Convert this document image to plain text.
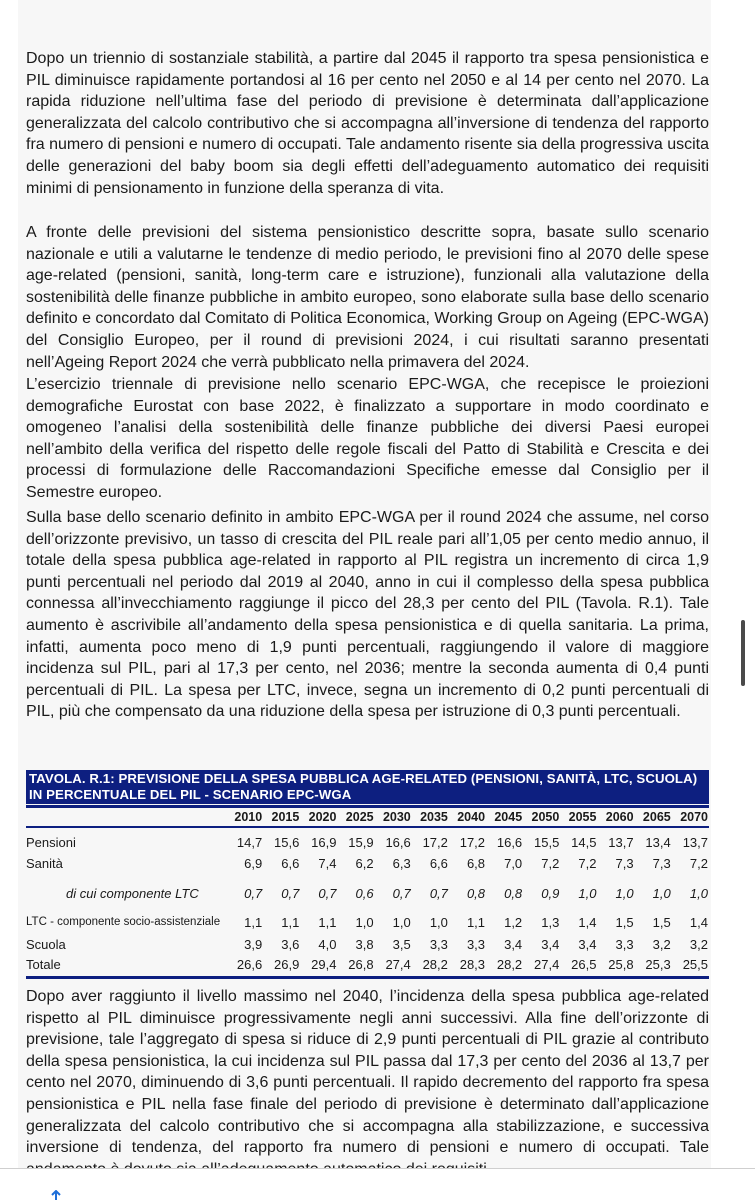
Dopo un triennio di sostanziale stabilità, a partire dal 2045 il rapporto tra spesa pensionistica e PIL diminuisce rapidamente portandosi al 16 per cento nel 2050 e al 14 per cento nel 2070. La rapida riduzione nell’ultima fase del periodo di previsione è determinata dall’applicazione generalizzata del calcolo contributivo che si accompagna all’inversione di tendenza del rapporto fra numero di pensioni e numero di occupati. Tale andamento risente sia della progressiva uscita delle generazioni del baby boom sia degli effetti dell’adeguamento automatico dei requisiti minimi di pensionamento in funzione della speranza di vita.

A fronte delle previsioni del sistema pensionistico descritte sopra, basate sullo scenario nazionale e utili a valutarne le tendenze di medio periodo, le previsioni fino al 2070 delle spese age-related (pensioni, sanità, long-term care e istruzione), funzionali alla valutazione della sostenibilità delle finanze pubbliche in ambito europeo, sono elaborate sulla base dello scenario definito e concordato dal Comitato di Politica Economica, Working Group on Ageing (EPC-WGA) del Consiglio Europeo, per il round di previsioni 2024, i cui risultati saranno presentati nell’Ageing Report 2024 che verrà pubblicato nella primavera del 2024.

L’esercizio triennale di previsione nello scenario EPC-WGA, che recepisce le proiezioni demografiche Eurostat con base 2022, è finalizzato a supportare in modo coordinato e omogeneo l’analisi della sostenibilità delle finanze pubbliche dei diversi Paesi europei nell’ambito della verifica del rispetto delle regole fiscali del Patto di Stabilità e Crescita e dei processi di formulazione delle Raccomandazioni Specifiche emesse dal Consiglio per il Semestre europeo.

Sulla base dello scenario definito in ambito EPC-WGA per il round 2024 che assume, nel corso dell’orizzonte previsivo, un tasso di crescita del PIL reale pari all’1,05 per cento medio annuo, il totale della spesa pubblica age-related in rapporto al PIL registra un incremento di circa 1,9 punti percentuali nel periodo dal 2019 al 2040, anno in cui il complesso della spesa pubblica connessa all’invecchiamento raggiunge il picco del 28,3 per cento del PIL (Tavola. R.1). Tale aumento è ascrivibile all’andamento della spesa pensionistica e di quella sanitaria. La prima, infatti, aumenta poco meno di 1,9 punti percentuali, raggiungendo il valore di maggiore incidenza sul PIL, pari al 17,3 per cento, nel 2036; mentre la seconda aumenta di 0,4 punti percentuali di PIL. La spesa per LTC, invece, segna un incremento di 0,2 punti percentuali di PIL, più che compensato da una riduzione della spesa per istruzione di 0,3 punti percentuali.

TAVOLA. R.1: PREVISIONE DELLA SPESA PUBBLICA AGE-RELATED (PENSIONI, SANITÀ, LTC, SCUOLA)
IN PERCENTUALE DEL PIL - SCENARIO EPC-WGA
	2010	2015	2020	2025	2030	2035	2040	2045	2050	2055	2060	2065	2070
Pensioni	14,7	15,6	16,9	15,9	16,6	17,2	17,2	16,6	15,5	14,5	13,7	13,4	13,7
Sanità	6,9	6,6	7,4	6,2	6,3	6,6	6,8	7,0	7,2	7,2	7,3	7,3	7,2
di cui componente LTC	0,7	0,7	0,7	0,6	0,7	0,7	0,8	0,8	0,9	1,0	1,0	1,0	1,0
LTC - componente socio-assistenziale	1,1	1,1	1,1	1,0	1,0	1,0	1,1	1,2	1,3	1,4	1,5	1,5	1,4
Scuola	3,9	3,6	4,0	3,8	3,5	3,3	3,3	3,4	3,4	3,4	3,3	3,2	3,2
Totale	26,6	26,9	29,4	26,8	27,4	28,2	28,3	28,2	27,4	26,5	25,8	25,3	25,5

Dopo aver raggiunto il livello massimo nel 2040, l’incidenza della spesa pubblica age-related rispetto al PIL diminuisce progressivamente negli anni successivi. Alla fine dell’orizzonte di previsione, tale l’aggregato di spesa si riduce di 2,9 punti percentuali di PIL grazie al contributo della spesa pensionistica, la cui incidenza sul PIL passa dal 17,3 per cento del 2036 al 13,7 per cento nel 2070, diminuendo di 3,6 punti percentuali. Il rapido decremento del rapporto fra spesa pensionistica e PIL nella fase finale del periodo di previsione è determinato dall’applicazione generalizzata del calcolo contributivo che si accompagna alla stabilizzazione, e successiva inversione di tendenza, del rapporto fra numero di pensioni e numero di occupati. Tale
